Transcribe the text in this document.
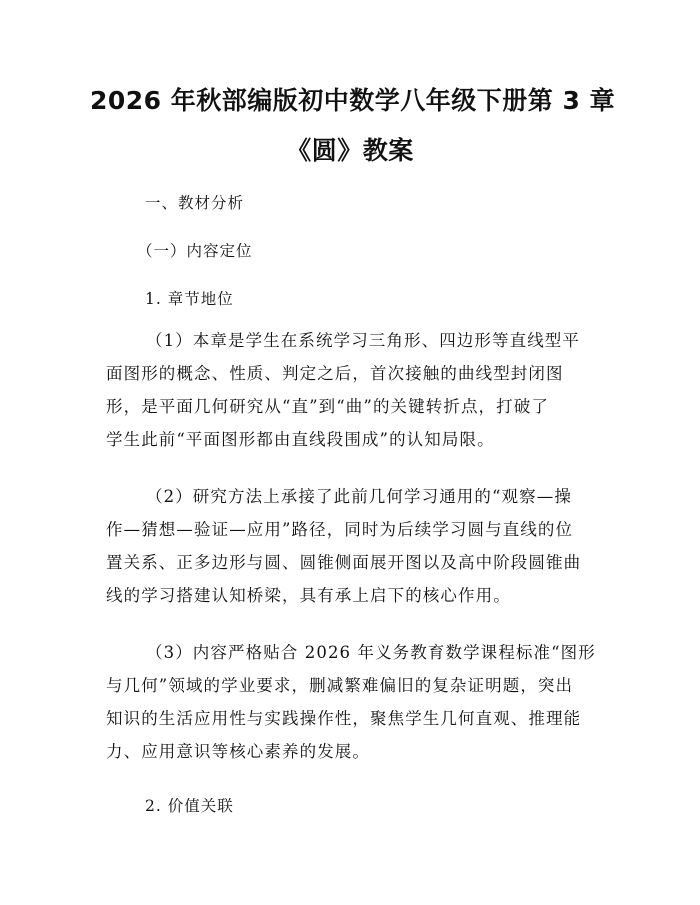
2026 年秋部编版初中数学八年级下册第 3 章
《圆》教案
一、教材分析
（一）内容定位
1. 章节地位
（1）本章是学生在系统学习三角形、四边形等直线型平
面图形的概念、性质、判定之后，首次接触的曲线型封闭图
形，是平面几何研究从“直”到“曲”的关键转折点，打破了
学生此前“平面图形都由直线段围成”的认知局限。
（2）研究方法上承接了此前几何学习通用的“观察—操
作—猜想—验证—应用”路径，同时为后续学习圆与直线的位
置关系、正多边形与圆、圆锥侧面展开图以及高中阶段圆锥曲
线的学习搭建认知桥梁，具有承上启下的核心作用。
（3）内容严格贴合 2026 年义务教育数学课程标准“图形
与几何”领域的学业要求，删减繁难偏旧的复杂证明题，突出
知识的生活应用性与实践操作性，聚焦学生几何直观、推理能
力、应用意识等核心素养的发展。
2. 价值关联
